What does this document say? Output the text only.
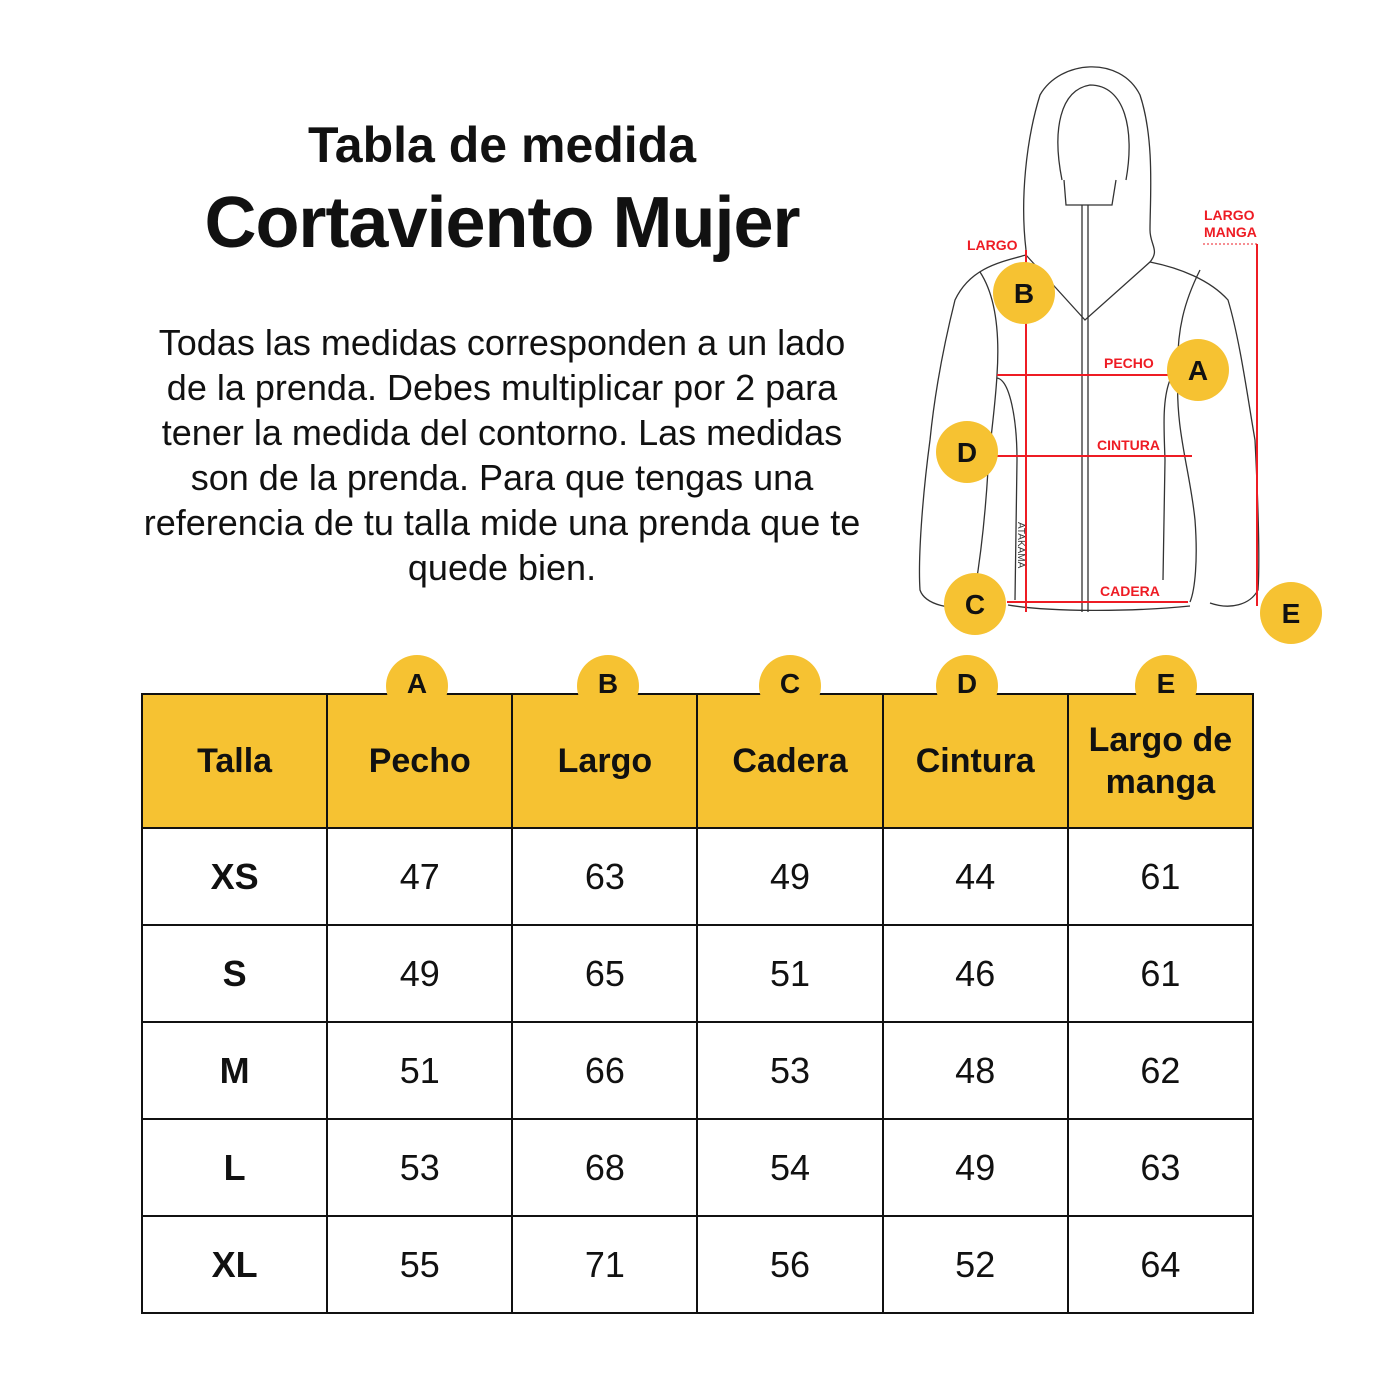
Tabla de medida
Cortaviento Mujer
Todas las medidas corresponden a un lado de la prenda. Debes multiplicar por 2 para tener la medida del contorno. Las medidas son de la prenda. Para que tengas una referencia de tu talla mide una prenda que te quede bien.	ATAKAMA
LARGO
LARGO
MANGA
PECHO
CINTURA
CADERA
B
A
D
C	E
Talla	Pecho	Largo	Cadera	Cintura	Largo de manga
XS	47	63	49	44	61
S	49	65	51	46	61
M	51	66	53	48	62
L	53	68	54	49	63
XL	55	71	56	52	64
A	B	C	D	E
